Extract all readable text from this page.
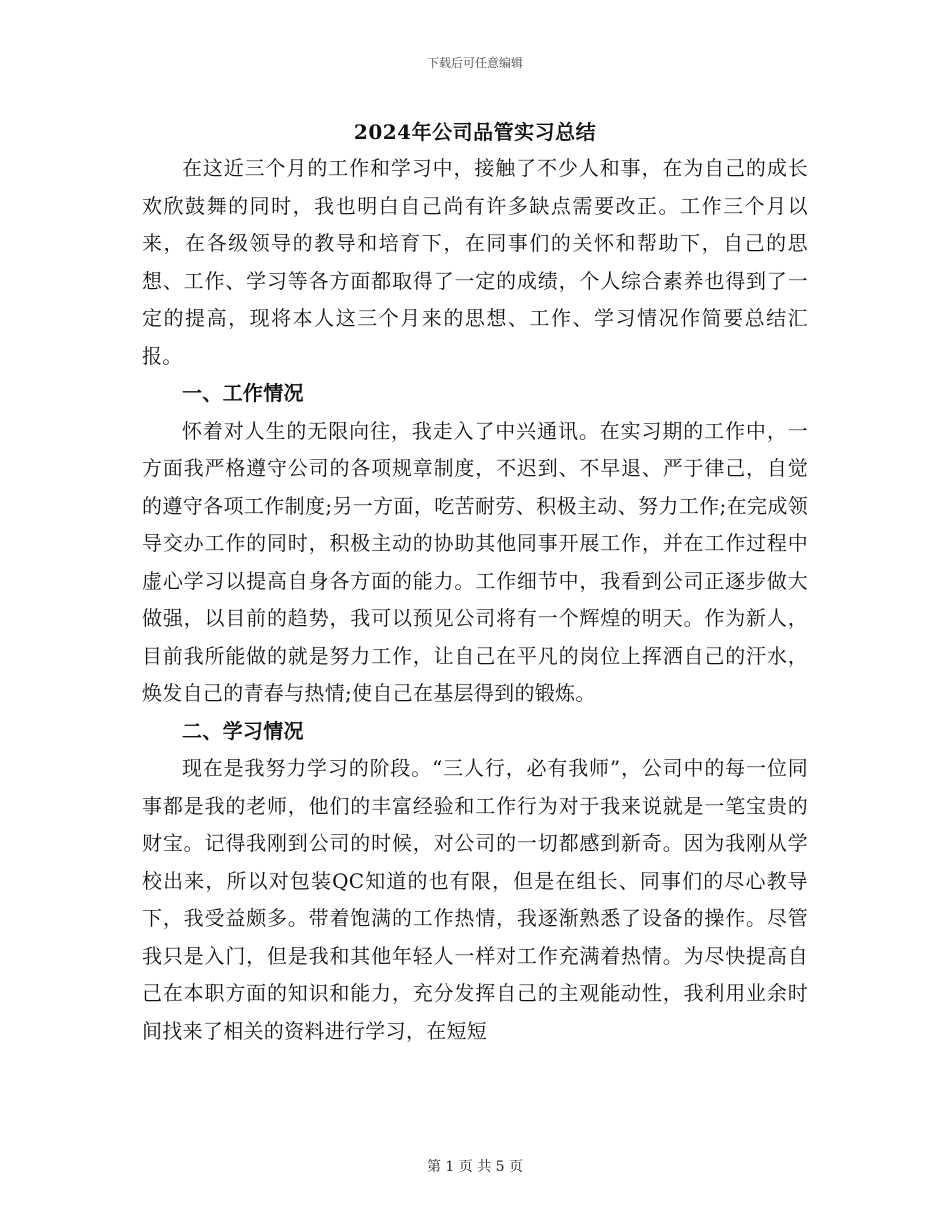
下载后可任意编辑
2024年公司品管实习总结

在这近三个月的工作和学习中，接触了不少人和事，在为自己的成长欢欣鼓舞的同时，我也明白自己尚有许多缺点需要改正。工作三个月以来，在各级领导的教导和培育下，在同事们的关怀和帮助下，自己的思想、工作、学习等各方面都取得了一定的成绩，个人综合素养也得到了一定的提高，现将本人这三个月来的思想、工作、学习情况作简要总结汇报。

一、工作情况

怀着对人生的无限向往，我走入了中兴通讯。在实习期的工作中，一方面我严格遵守公司的各项规章制度，不迟到、不早退、严于律己，自觉的遵守各项工作制度;另一方面，吃苦耐劳、积极主动、努力工作;在完成领导交办工作的同时，积极主动的协助其他同事开展工作，并在工作过程中虚心学习以提高自身各方面的能力。工作细节中，我看到公司正逐步做大做强，以目前的趋势，我可以预见公司将有一个辉煌的明天。作为新人，目前我所能做的就是努力工作，让自己在平凡的岗位上挥洒自己的汗水，焕发自己的青春与热情;使自己在基层得到的锻炼。

二、学习情况

现在是我努力学习的阶段。“三人行，必有我师”，公司中的每一位同事都是我的老师，他们的丰富经验和工作行为对于我来说就是一笔宝贵的财宝。记得我刚到公司的时候，对公司的一切都感到新奇。因为我刚从学校出来，所以对包装QC知道的也有限，但是在组长、同事们的尽心教导下，我受益颇多。带着饱满的工作热情，我逐渐熟悉了设备的操作。尽管我只是入门，但是我和其他年轻人一样对工作充满着热情。为尽快提高自己在本职方面的知识和能力，充分发挥自己的主观能动性，我利用业余时间找来了相关的资料进行学习，在短短

第 1 页 共 5 页
